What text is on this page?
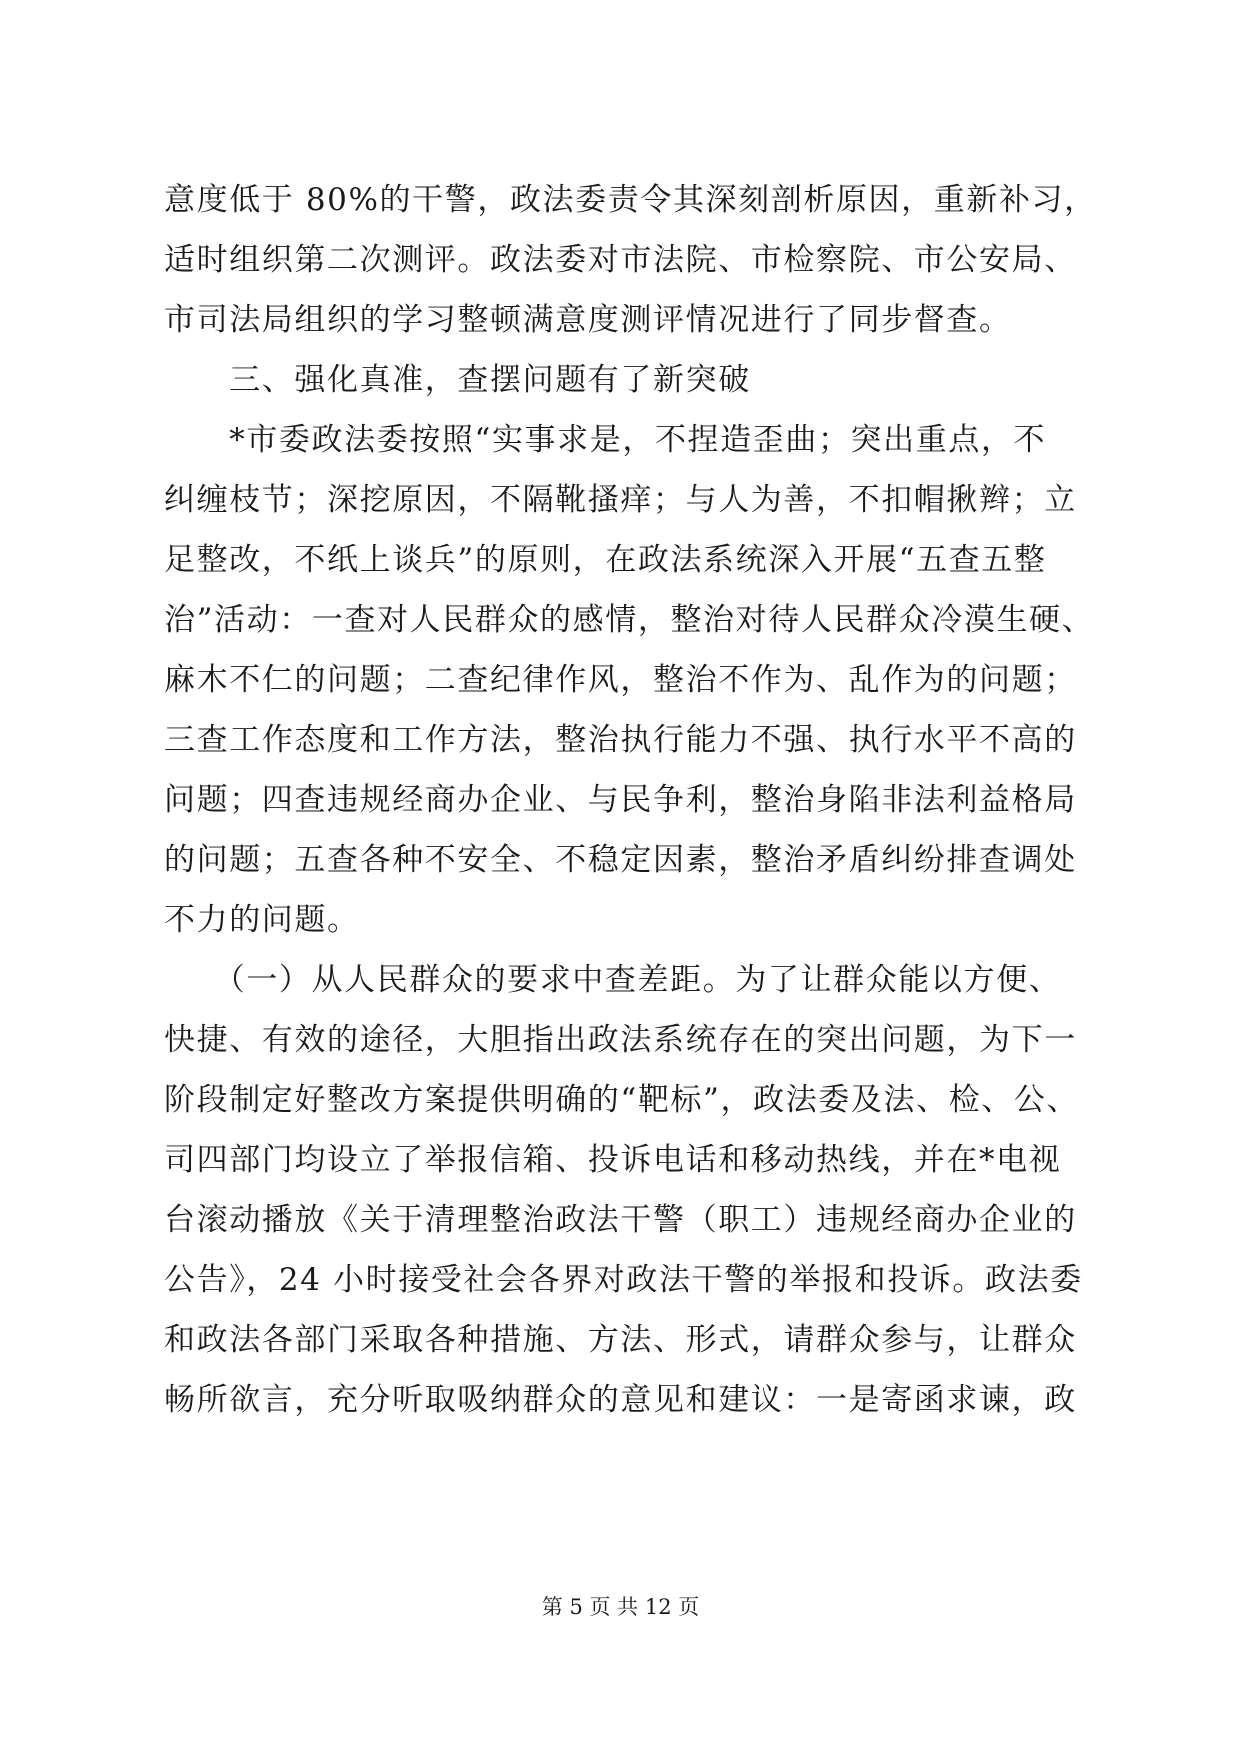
意度低于 80%的干警，政法委责令其深刻剖析原因，重新补习，
适时组织第二次测评。政法委对市法院、市检察院、市公安局、
市司法局组织的学习整顿满意度测评情况进行了同步督查。
　　三、强化真准，查摆问题有了新突破
　　*市委政法委按照“实事求是，不捏造歪曲；突出重点，不
纠缠枝节；深挖原因，不隔靴搔痒；与人为善，不扣帽揪辫；立
足整改，不纸上谈兵”的原则，在政法系统深入开展“五查五整
治”活动：一查对人民群众的感情，整治对待人民群众冷漠生硬、
麻木不仁的问题；二查纪律作风，整治不作为、乱作为的问题；
三查工作态度和工作方法，整治执行能力不强、执行水平不高的
问题；四查违规经商办企业、与民争利，整治身陷非法利益格局
的问题；五查各种不安全、不稳定因素，整治矛盾纠纷排查调处
不力的问题。
　　（一）从人民群众的要求中查差距。为了让群众能以方便、
快捷、有效的途径，大胆指出政法系统存在的突出问题，为下一
阶段制定好整改方案提供明确的“靶标”，政法委及法、检、公、
司四部门均设立了举报信箱、投诉电话和移动热线，并在*电视
台滚动播放《关于清理整治政法干警（职工）违规经商办企业的
公告》，24 小时接受社会各界对政法干警的举报和投诉。政法委
和政法各部门采取各种措施、方法、形式，请群众参与，让群众
畅所欲言，充分听取吸纳群众的意见和建议：一是寄函求谏，政
第 5 页 共 12 页
